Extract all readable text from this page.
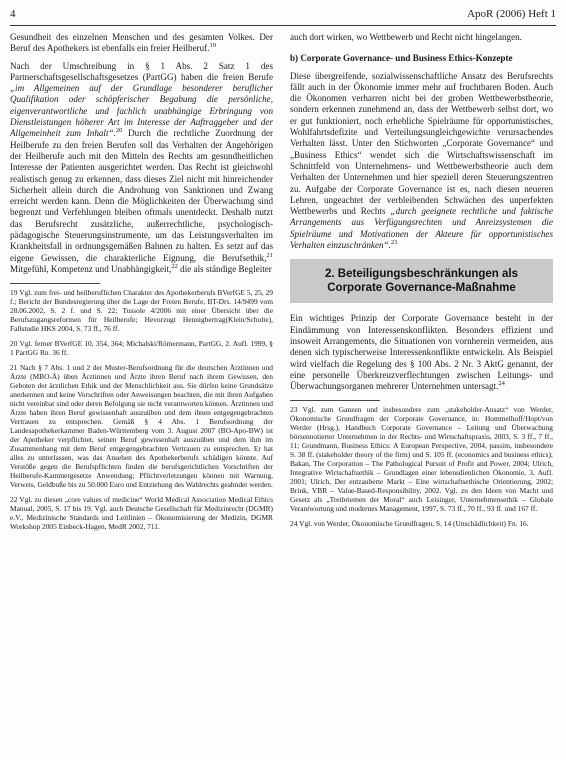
4	ApoR (2006) Heft 1

Gesundheit des einzelnen Menschen und des gesamten Volkes. Der Beruf des Apothekers ist ebenfalls ein freier Heilberuf.$^{19}$

Nach der Umschreibung in § 1 Abs. 2 Satz 1 des Partnerschaftsgesellschaftsgesetzes (PartGG) haben die freien Berufe „im Allgemeinen auf der Grundlage besonderer beruflicher Qualifikation oder schöpferischer Begabung die persönliche, eigenverantwortliche und fachlich unabhängige Erbringung von Dienstleistungen höherer Art im Interesse der Auftraggeber und der Allgemeinheit zum Inhalt“.$^{20}$ Durch die rechtliche Zuordnung der Heilberufe zu den freien Berufen soll das Verhalten der Angehörigen der Heilberufe auch mit den Mitteln des Rechts am gesundheitlichen Interesse der Patienten ausgerichtet werden. Das Recht ist gleichwohl realistisch genug zu erkennen, dass dieses Ziel nicht mit hinreichender Sicherheit allein durch die Androhung von Sanktionen und Zwang erreicht werden kann. Denn die Möglichkeiten der Überwachung sind begrenzt und Verfehlungen bleiben oftmals unentdeckt. Deshalb nutzt das Berufsrecht zusätzliche, außerrechtliche, psychologisch-pädagogische Steuerungsinstrumente, um das Leistungsverhalten im Krankheitsfall in ordnungsgemäßen Bahnen zu halten. Es setzt auf das eigene Gewissen, die charakterliche Eignung, die Berufsethik,$^{21}$ Mitgefühl, Kompetenz und Unabhängigkeit,$^{22}$ die als ständige Begleiter

19 Vgl. zum frei- und heilberuflichen Charakter des Apothekerberufs BVerfGE 5, 25, 29 f.; Bericht der Bundesregierung über die Lage der Freien Berufe, BT-Drs. 14/9499 vom 28.06.2002, S. 2 f. und S. 22; Tussole 4/2006 mit einer Übersicht über die Berufszugangsreformen für Heilberufe; Hevorzugt Hennigbertrag(Klein/Schulte), Fallstudie HKS 2004, S. 73 ff., 76 ff.

20 Vgl. ferner BVerfGE 10, 354, 364; Michalski/Römermann, PartGG, 2. Aufl. 1999, § 1 PartGG Rn. 36 ff.

21 Nach § 7 Abs. 1 und 2 der Muster-Berufsordnung für die deutschen Ärztinnen und Ärzte (MBO-Ä) üben Ärztinnen und Ärzte ihren Beruf nach ihrem Gewissen, den Geboten der ärztlichen Ethik und der Menschlichkeit aus. Sie dürfen keine Grundsätze anerkennen und keine Vorschriften oder Anweisungen beachten, die mit ihren Aufgaben nicht vereinbar sind oder deren Befolgung sie nicht verantworten können. Ärztinnen und Ärzte haben ihren Beruf gewissenhaft auszuüben und dem ihnen entgegengebrachten Vertrauen zu entsprechen. Gemäß § 4 Abs. 1 Berufsordnung der Landesapothekerkammer Baden-Württemberg vom 3. August 2007 (BO-Apo-BW) ist der Apotheker verpflichtet, seinen Beruf gewissenhaft auszuüben und dem ihm im Zusammenhang mit dem Beruf entgegengebrachten Vertrauen zu entsprechen. Er hat alles zu unterlassen, was das Ansehen des Apothekerberufs schädigen könnte. Auf Verstöße gegen die Berufspflichten finden die berufsgerichtlichen Vorschriften der Heilberufe-Kammergesetze Anwendung; Pflichtverletzungen können mit Warnung, Verweis, Geldbuße bis zu 50.000 Euro und Entziehung des Wahlrechts geahndet werden.

22 Vgl. zu diesen „core values of medicine“ World Medical Association Medical Ethics Manual, 2005, S. 17 bis 19. Vgl. auch Deutsche Gesellschaft für Medizinrecht (DGMR) e.V., Medizinische Standards und Leitlinien – Ökonomisierung der Medizin, DGMR Workshop 2005 Einbeck-Hagen, MedR 2002, 711.

auch dort wirken, wo Wettbewerb und Recht nicht hingelangen.

b) Corporate Governance- und Business Ethics-Konzepte

Diese übergreifende, sozialwissenschaftliche Ansatz des Berufsrechts fällt auch in der Ökonomie immer mehr auf fruchtbaren Boden. Auch die Ökonomen verharren nicht bei der groben Wettbewerbstheorie, sondern erkennen zunehmend an, dass der Wettbewerb selbst dort, wo er gut funktioniert, noch erhebliche Spielräume für opportunistisches, Wohlfahrtsdefizite und Verteilungsungleichgewichte verursachendes Verhalten lässt. Unter den Stichworten „Corporate Governance“ und „Business Ethics“ wendet sich die Wirtschaftswissenschaft im Schnittfeld von Unternehmens- und Wettbewerbstheorie auch dem Verhalten der Unternehmen und hier speziell deren Steuerungszentren zu. Aufgabe der Corporate Governance ist es, nach diesen neueren Lehren, ungeachtet der verbleibenden Schwächen des unperfekten Wettbewerbs und Rechts „durch geeignete rechtliche und faktische Arrangements aus Verfügungsrechten und Anreizsystemen die Spielräume und Motivationen der Akteure für opportunistisches Verhalten einzuschränken“.$^{23}$

2. Beteiligungsbeschränkungen als Corporate Governance-Maßnahme

Ein wichtiges Prinzip der Corporate Governance besteht in der Eindämmung von Interessenskonflikten. Besonders effizient und insoweit Arrangements, die Situationen von vornherein vermeiden, aus denen sich typischerweise Interessenkonflikte entwickeln. Als Beispiel wird vielfach die Regelung des § 100 Abs. 2 Nr. 3 AktG genannt, der eine personelle Überkreuzverflechtungen zwischen Leitungs- und Überwachungsorganen mehrerer Unternehmen untersagt.$^{24}$

23 Vgl. zum Ganzen und insbesondere zum „stakeholder-Ansatz“ von Werder, Ökonomische Grundfragen der Corporate Governance, in: Hommelhoff/Hopt/von Werder (Hrsg.), Handbuch Corporate Governance – Leitung und Überwachung börsennotierter Unternehmen in der Rechts- und Wirtschaftspraxis, 2003, S. 3 ff., 7 ff., 11; Grundmann, Business Ethics: A European Perspective, 2004, passim, insbesondere S. 38 ff. (stakeholder theory of the firm) und S. 105 ff. (economics and business ethics); Bakan, The Corporation – The Pathological Pursuit of Profit and Power, 2004; Ulrich, Integrative Wirtschaftsethik – Grundlagen einer lebensdienlichen Ökonomie, 3. Aufl. 2001; Ulrich, Der entzauberte Markt – Eine wirtschaftsethische Orientierung, 2002; Brink, VBR – Value-Based-Responsibility, 2002. Vgl. zu den Ideen von Macht und Gesetz als „Treibriemen der Moral“ auch Leisinger, Unternehmensethik – Globale Verantwortung und modernes Management, 1997, S. 73 ff., 70 ff., 93 ff. und 167 ff.

24 Vgl. von Werder, Ökonomische Grundfragen, S. 14 (Unschädlichkeit) Fn. 16.
